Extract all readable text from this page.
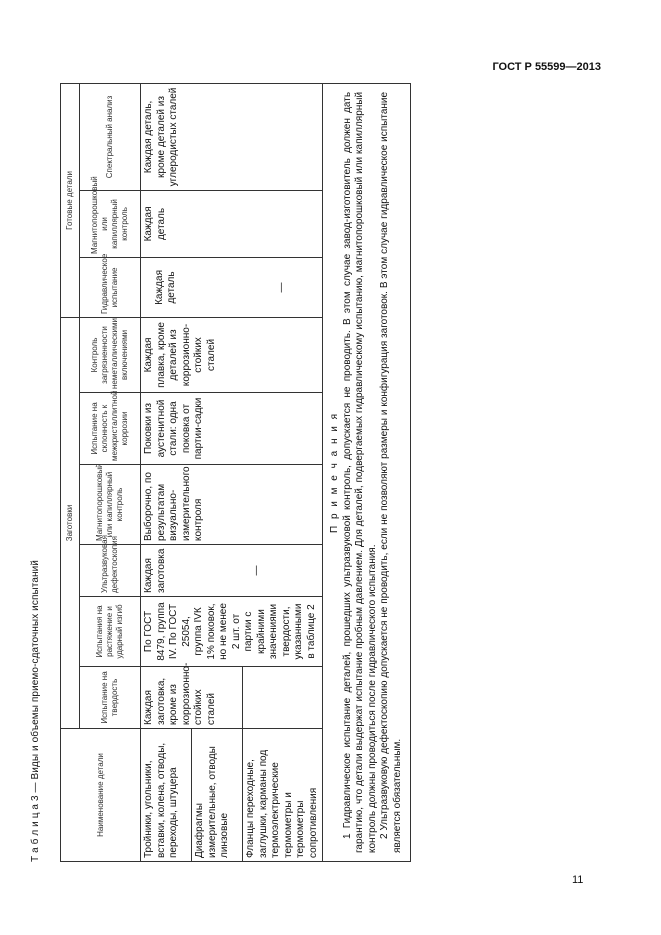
ГОСТ Р 55599—2013
Т а б л и ц а 3 — Виды и объемы приемо-сдаточных испытаний	Наименование детали	Заготовки						Готовые детали		
	Испытание на твердость	Испытания на растяжение и ударный изгиб	Ультразвуковая дефектоскопия	Магнитопорошковый или капиллярный контроль	Испытание на склонность к межкристаллитной коррозии	Контроль загрязненности неметаллическими включениями	Гидравлическое испытание	Магнитопорошковый или капиллярный контроль	Спектральный анализ
Тройники, угольники, вставки, колена, отводы, переходы, штуцера	Каждая заготовка, кроме из коррозионно-стойких сталей	По ГОСТ 8479, группа IV. По ГОСТ 25054, группа IVК 1% поковок, но не менее 2 шт. от партии с крайними значениями твердости, указанными в таблице 2	Каждая заготовка	Выборочно, по результатам визуально-измерительного контроля	Поковки из аустенитной стали: одна поковка от партии-садки	Каждая плавка, кроме деталей из коррозионно-стойких сталей	Каждая деталь	Каждая деталь	Каждая деталь, кроме деталей из углеродистых сталей
Диафрагмы измерительные, отводы линзовые			—						
Фланцы переходные, заглушки, карманы под термоэлектрические термометры и термометры сопротивления							—		

П р и м е ч а н и я 1 Гидравлическое испытание деталей, прошедших ультразвуковой контроль, допускается не проводить. В этом случае завод-изготовитель должен дать гарантию, что детали выдержат испытание пробным давлением. Для деталей, подвергаемых гидравлическому испытанию, магнитопорошковый или капиллярный контроль должны проводиться после гидравлического испытания. 2 Ультразвуковую дефектоскопию допускается не проводить, если не позволяют размеры и конфигурация заготовок. В этом случае гидравлическое испытание является обязательным.									

11
